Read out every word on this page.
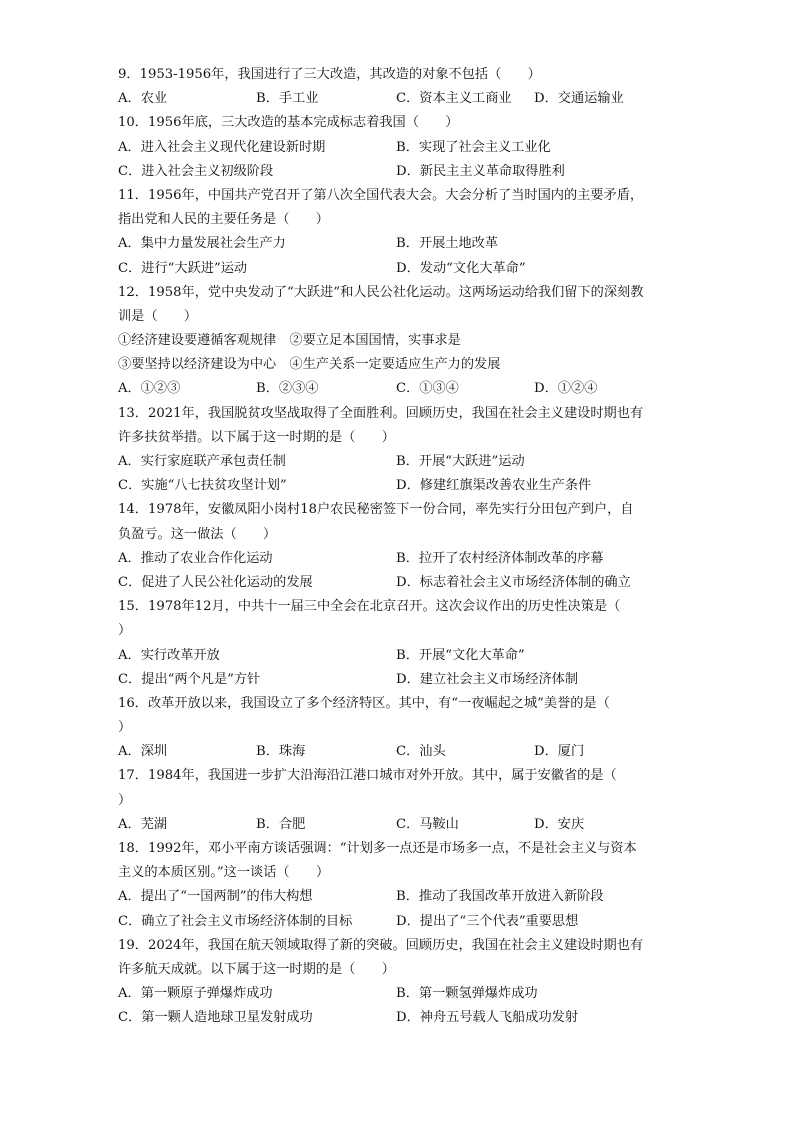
9．1953-1956年，我国进行了三大改造，其改造的对象不包括（　　）
A．农业	B．手工业	C．资本主义工商业 D．交通运输业
10．1956年底，三大改造的基本完成标志着我国（　　）
A．进入社会主义现代化建设新时期	B．实现了社会主义工业化
C．进入社会主义初级阶段	D．新民主主义革命取得胜利
11．1956年，中国共产党召开了第八次全国代表大会。大会分析了当时国内的主要矛盾，
指出党和人民的主要任务是（　　）
A．集中力量发展社会生产力	B．开展土地改革
C．进行“大跃进”运动	D．发动“文化大革命”
12．1958年，党中央发动了“大跃进”和人民公社化运动。这两场运动给我们留下的深刻教
训是（　　）
①经济建设要遵循客观规律　②要立足本国国情，实事求是
③要坚持以经济建设为中心　④生产关系一定要适应生产力的发展
A．①②③	B．②③④	C．①③④	D．①②④
13．2021年，我国脱贫攻坚战取得了全面胜利。回顾历史，我国在社会主义建设时期也有
许多扶贫举措。以下属于这一时期的是（　　）
A．实行家庭联产承包责任制	B．开展“大跃进”运动
C．实施“八七扶贫攻坚计划”	D．修建红旗渠改善农业生产条件
14．1978年，安徽凤阳小岗村18户农民秘密签下一份合同，率先实行分田包产到户，自
负盈亏。这一做法（　　）
A．推动了农业合作化运动	B．拉开了农村经济体制改革的序幕
C．促进了人民公社化运动的发展	D．标志着社会主义市场经济体制的确立
15．1978年12月，中共十一届三中全会在北京召开。这次会议作出的历史性决策是（
）
A．实行改革开放	B．开展“文化大革命”
C．提出“两个凡是”方针	D．建立社会主义市场经济体制
16．改革开放以来，我国设立了多个经济特区。其中，有“一夜崛起之城”美誉的是（
）
A．深圳	B．珠海	C．汕头	D．厦门
17．1984年，我国进一步扩大沿海沿江港口城市对外开放。其中，属于安徽省的是（
）
A．芜湖	B．合肥	C．马鞍山	D．安庆
18．1992年，邓小平南方谈话强调：“计划多一点还是市场多一点，不是社会主义与资本
主义的本质区别。”这一谈话（　　）
A．提出了“一国两制”的伟大构想	B．推动了我国改革开放进入新阶段
C．确立了社会主义市场经济体制的目标	D．提出了“三个代表”重要思想
19．2024年，我国在航天领域取得了新的突破。回顾历史，我国在社会主义建设时期也有
许多航天成就。以下属于这一时期的是（　　）
A．第一颗原子弹爆炸成功	B．第一颗氢弹爆炸成功
C．第一颗人造地球卫星发射成功	D．神舟五号载人飞船成功发射
